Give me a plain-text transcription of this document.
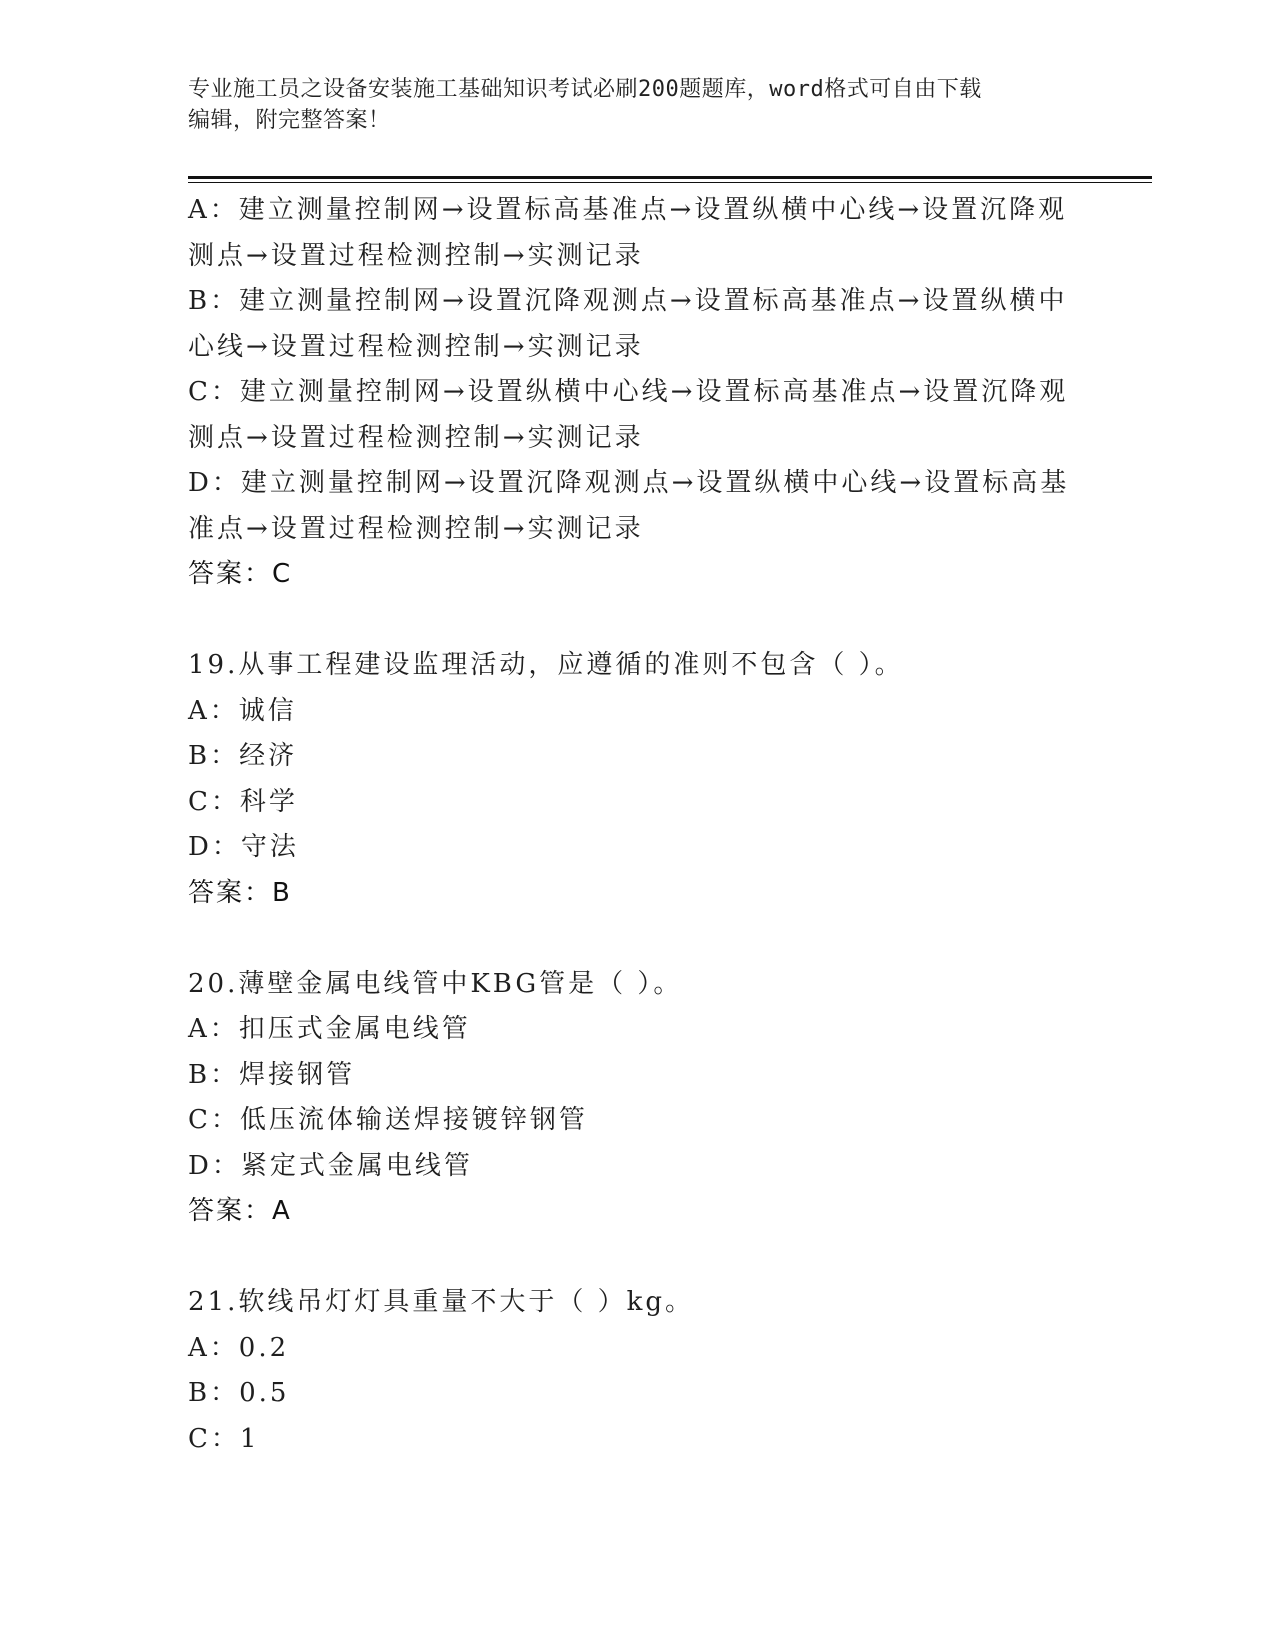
专业施工员之设备安装施工基础知识考试必刷200题题库，word格式可自由下载
编辑，附完整答案！
A：建立测量控制网→设置标高基准点→设置纵横中心线→设置沉降观
测点→设置过程检测控制→实测记录
B：建立测量控制网→设置沉降观测点→设置标高基准点→设置纵横中
心线→设置过程检测控制→实测记录
C：建立测量控制网→设置纵横中心线→设置标高基准点→设置沉降观
测点→设置过程检测控制→实测记录
D：建立测量控制网→设置沉降观测点→设置纵横中心线→设置标高基
准点→设置过程检测控制→实测记录
答案：C
19.从事工程建设监理活动，应遵循的准则不包含（ ）。
A：诚信
B：经济
C：科学
D：守法
答案：B
20.薄壁金属电线管中KBG管是（ ）。
A：扣压式金属电线管
B：焊接钢管
C：低压流体输送焊接镀锌钢管
D：紧定式金属电线管
答案：A
21.软线吊灯灯具重量不大于（ ）kg。
A：0.2
B：0.5
C：1
